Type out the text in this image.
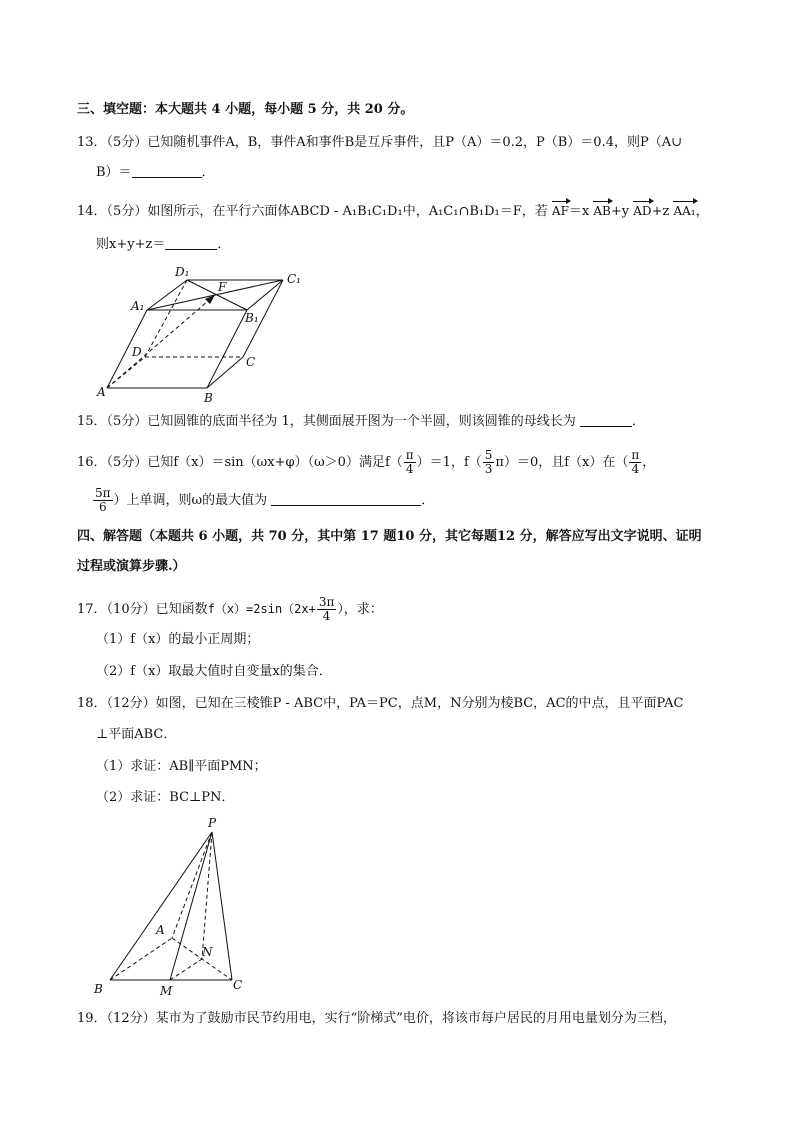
三、填空题：本大题共 4 小题，每小题 5 分，共 20 分。
13．（5分）已知随机事件A，B，事件A和事件B是互斥事件，且P（A）＝0.2，P（B）＝0.4，则P（A∪
B）＝	．
14．（5分）如图所示，在平行六面体ABCD - A₁B₁C₁D₁中，A₁C₁∩B₁D₁＝F，若 AF＝x AB+y AD+z AA₁，
则x+y+z＝	．
D₁	C₁
A₁
B₁
F
D
C
A	B
15．（5分）已知圆锥的底面半径为 1，其侧面展开图为一个半圆，则该圆锥的母线长为	．
16．（5分）已知f（x）＝sin（ωx+φ）（ω＞0）满足$f( \frac{\pi}{4} )=1$，$f( \frac{5}{3} \pi)=0$，且f（x）在（ $\frac{\pi}{4}$ ，
$\frac{5\pi}{6}$ ）上单调，则ω的最大值为	．
四、解答题（本题共 6 小题，共 70 分，其中第 17 题10 分，其它每题12 分，解答应写出文字说明、证明
过程或演算步骤.）
17．（10分）已知函数$f(x)=2\sin(2x+ \frac{3\pi}{4}$ ），求：
（1）f（x）的最小正周期；
（2）f（x）取最大值时自变量x的集合．
18．（12分）如图，已知在三棱锥P - ABC中，PA＝PC，点M，N分别为棱BC，AC的中点，且平面PAC
⊥平面ABC．
（1）求证：AB∥平面PMN；
（2）求证：BC⊥PN．
P
A
N
B	M	C
19．（12分）某市为了鼓励市民节约用电，实行“阶梯式”电价，将该市每户居民的月用电量划分为三档，
